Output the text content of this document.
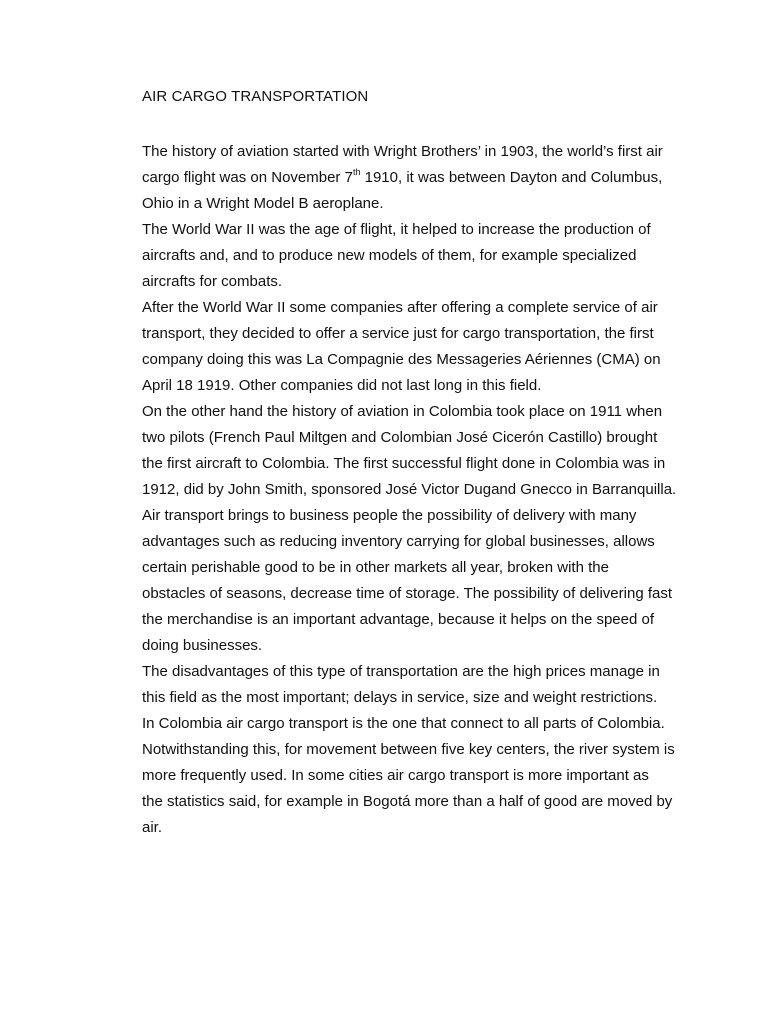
AIR CARGO TRANSPORTATION
The history of aviation started with Wright Brothers’ in 1903, the world’s first air
cargo flight was on November 7th 1910, it was between Dayton and Columbus,
Ohio in a Wright Model B aeroplane.
The World War II was the age of flight, it helped to increase the production of
aircrafts and, and to produce new models of them, for example specialized
aircrafts for combats.
After the World War II some companies after offering a complete service of air
transport, they decided to offer a service just for cargo transportation, the first
company doing this was La Compagnie des Messageries Aériennes (CMA) on
April 18 1919. Other companies did not last long in this field.
On the other hand the history of aviation in Colombia took place on 1911 when
two pilots (French Paul Miltgen and Colombian José Cicerón Castillo) brought
the first aircraft to Colombia. The first successful flight done in Colombia was in
1912, did by John Smith, sponsored José Victor Dugand Gnecco in Barranquilla.
Air transport brings to business people the possibility of delivery with many
advantages such as reducing inventory carrying for global businesses, allows
certain perishable good to be in other markets all year, broken with the
obstacles of seasons, decrease time of storage. The possibility of delivering fast
the merchandise is an important advantage, because it helps on the speed of
doing businesses.
The disadvantages of this type of transportation are the high prices manage in
this field as the most important; delays in service, size and weight restrictions.
In Colombia air cargo transport is the one that connect to all parts of Colombia.
Notwithstanding this, for movement between five key centers, the river system is
more frequently used. In some cities air cargo transport is more important as
the statistics said, for example in Bogotá more than a half of good are moved by
air.
